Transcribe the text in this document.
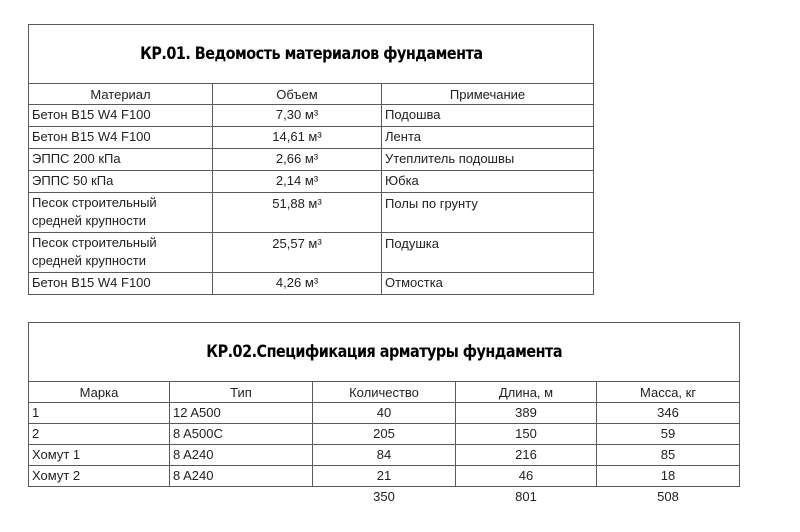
КР.01. Ведомость материалов фундамента		
Материал	Объем	Примечание
Бетон B15 W4 F100	7,30 м³	Подошва
Бетон B15 W4 F100	14,61 м³	Лента
ЭППС 200 кПа	2,66 м³	Утеплитель подошвы
ЭППС 50 кПа	2,14 м³	Юбка

Песок строительный
средней крупности	51,88 м³	Полы по грунту

Песок строительный
средней крупности	25,57 м³	Подушка
Бетон B15 W4 F100	4,26 м³	Отмостка
КР.02.Спецификация арматуры фундамента				
Марка	Тип	Количество	Длина, м	Масса, кг
1	12 A500	40	389	346
2	8 A500C	205	150	59
Хомут 1	8 A240	84	216	85
Хомут 2	8 A240	21	46	18
		350	801	508
